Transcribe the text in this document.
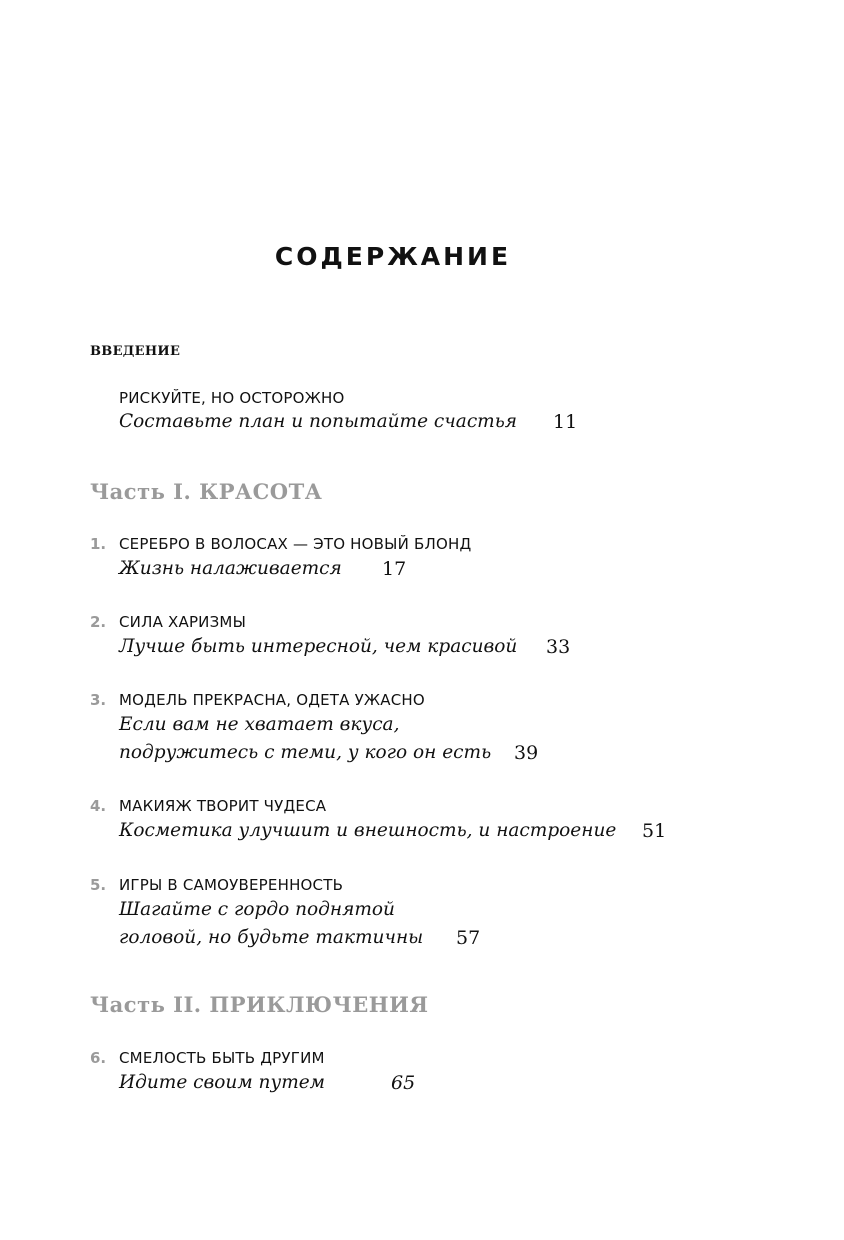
СОДЕРЖАНИЕ
ВВЕДЕНИЕ
РИСКУЙТЕ, НО ОСТОРОЖНО
Составьте план и попытайте счастья 11
Часть I. КРАСОТА
1. СЕРЕБРО В ВОЛОСАХ — ЭТО НОВЫЙ БЛОНД
Жизнь налаживается 17
2. СИЛА ХАРИЗМЫ
Лучше быть интересной, чем красивой 33
3. МОДЕЛЬ ПРЕКРАСНА, ОДЕТА УЖАСНО
Если вам не хватает вкуса,
подружитесь с теми, у кого он есть 39
4. МАКИЯЖ ТВОРИТ ЧУДЕСА
Косметика улучшит и внешность, и настроение 51
5. ИГРЫ В САМОУВЕРЕННОСТЬ
Шагайте с гордо поднятой
головой, но будьте тактичны 57
Часть II. ПРИКЛЮЧЕНИЯ
6. СМЕЛОСТЬ БЫТЬ ДРУГИМ
Идите своим путем	65
